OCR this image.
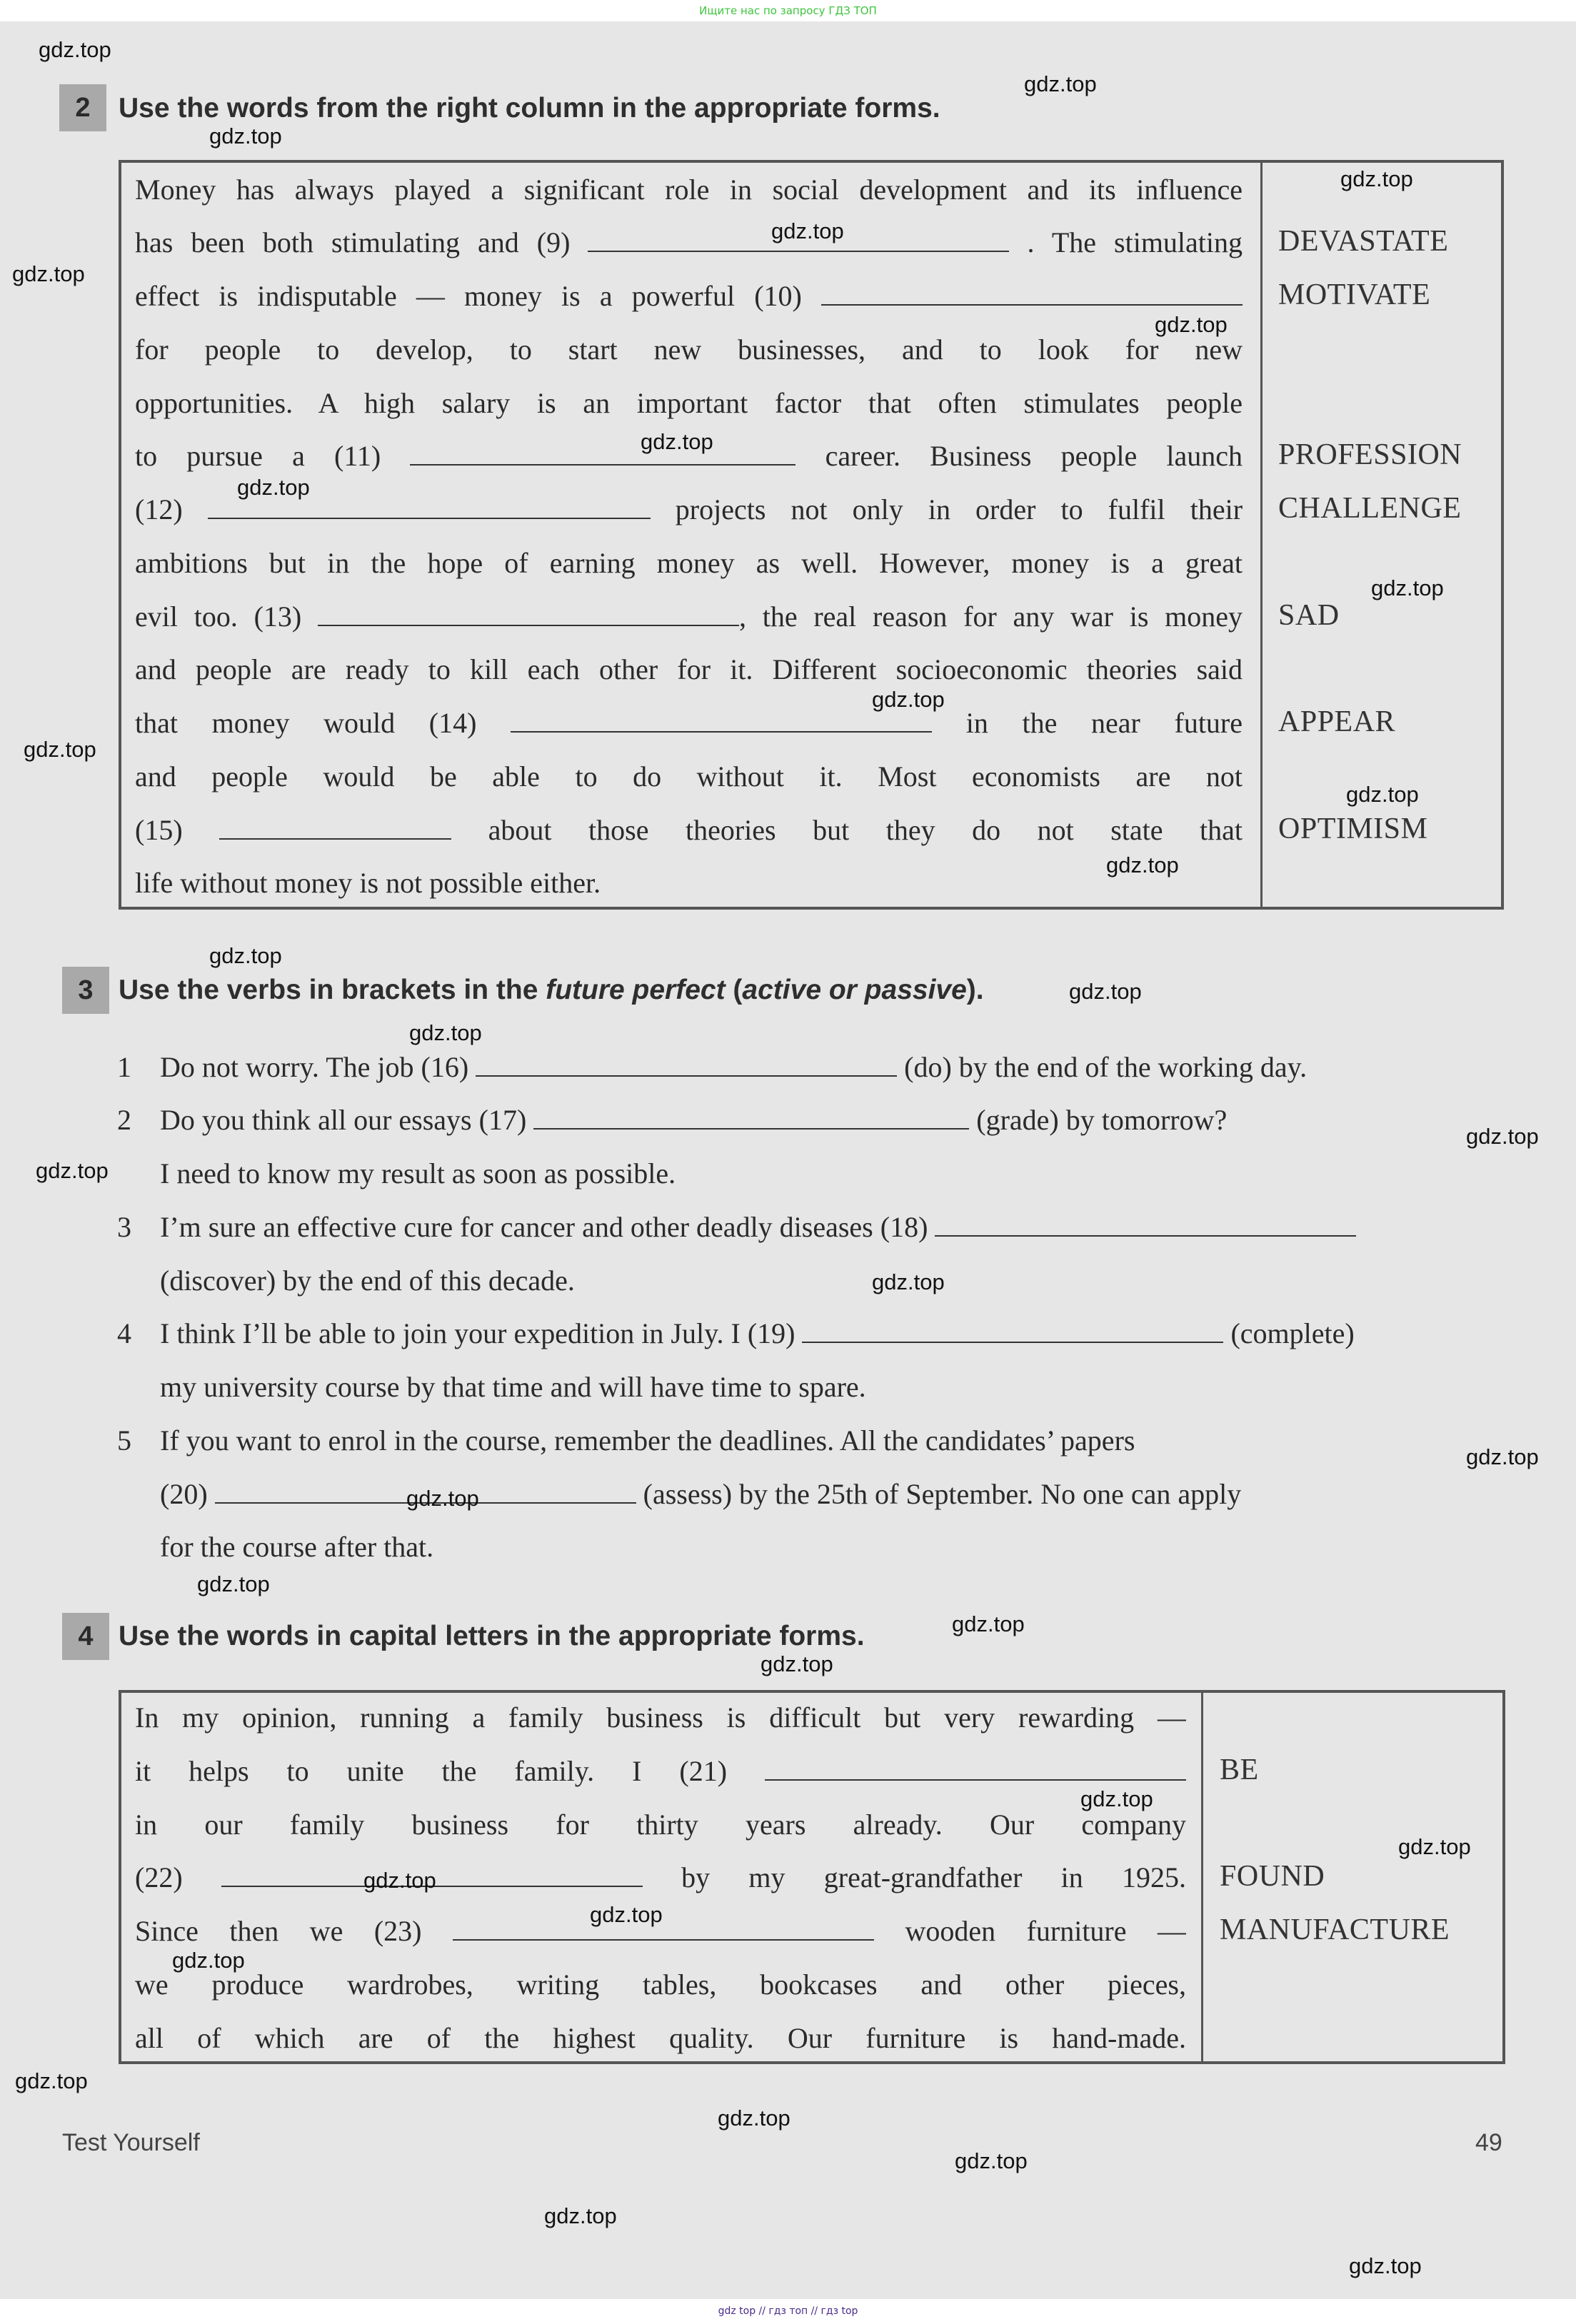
Ищите нас по запросу ГДЗ ТОП
2	Use the words from the right column in the appropriate forms.
Money has always played a significant role in social development and its influence
has been both stimulating and (9)	. The stimulating
effect is indisputable — money is a powerful (10)
for people to develop, to start new businesses, and to look for new
opportunities. A high salary is an important factor that often stimulates people
to pursue a (11)	career. Business people launch
(12)	projects not only in order to fulfil their
ambitions but in the hope of earning money as well. However, money is a great
evil too. (13)	, the real reason for any war is money
and people are ready to kill each other for it. Different socioeconomic theories said
that money would (14)	in the near future
and people would be able to do without it. Most economists are not
(15)	about those theories but they do not state that
life without money is not possible either.
DEVASTATE
MOTIVATE
PROFESSION
CHALLENGE
SAD
APPEAR
OPTIMISM
3 Use the verbs in brackets in the future perfect (active or passive).
1 Do not worry. The job (16)	(do) by the end of the working day.
2 Do you think all our essays (17)	(grade) by tomorrow?
I need to know my result as soon as possible.
3 I’m sure an effective cure for cancer and other deadly diseases (18)
(discover) by the end of this decade.
4 I think I’ll be able to join your expedition in July. I (19)	(complete)
my university course by that time and will have time to spare.
5 If you want to enrol in the course, remember the deadlines. All the candidates’ papers
(20)	(assess) by the 25th of September. No one can apply
for the course after that.
4 Use the words in capital letters in the appropriate forms.
In my opinion, running a family business is difficult but very rewarding —
it helps to unite the family. I (21)
in our family business for thirty years already. Our company
(22)	by my great-grandfather in 1925.
Since then we (23)	wooden furniture —
we produce wardrobes, writing tables, bookcases and other pieces,
all of which are of the highest quality. Our furniture is hand-made.
BE
FOUND
MANUFACTURE
Test Yourself	49
gdz top // гдз топ // гдз top
gdz.top
gdz.top
gdz.top
gdz.top
gdz.top
gdz.top
gdz.top
gdz.top
gdz.top
gdz.top
gdz.top
gdz.top
gdz.top
gdz.top
gdz.top
gdz.top
gdz.top
gdz.top
gdz.top
gdz.top
gdz.top
gdz.top
gdz.top
gdz.top
gdz.top
gdz.top
gdz.top
gdz.top
gdz.top
gdz.top
gdz.top
gdz.top
gdz.top
gdz.top
gdz.top
